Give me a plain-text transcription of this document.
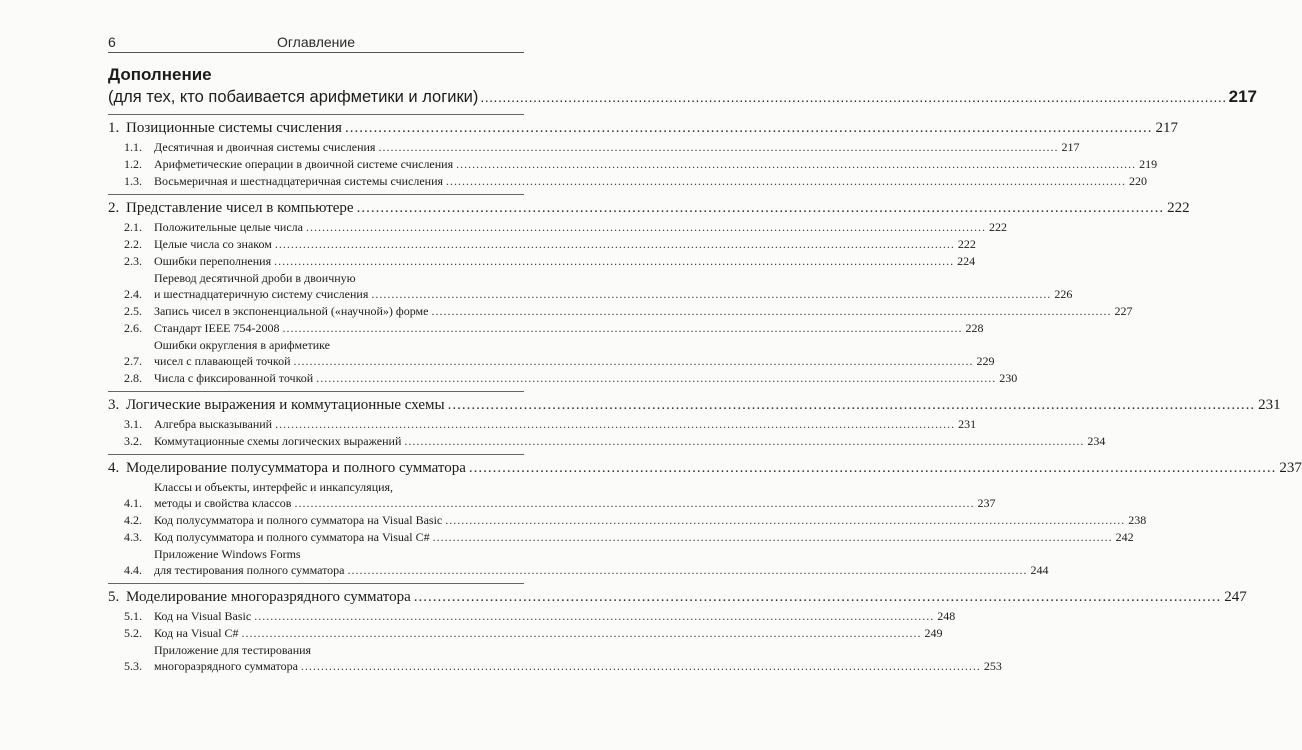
6	Оглавление
Дополнение
(для тех, кто побаивается арифметики и логики) .......................................................................................................................................................................... 217
1. Позиционные системы счисления .......................................................................................................................................................................... 217
1.1.	Десятичная и двоичная системы счисления .......................................................................................................................................................................... 217
1.2.	Арифметические операции в двоичной системе счисления .......................................................................................................................................................................... 219
1.3.	Восьмеричная и шестнадцатеричная системы счисления .......................................................................................................................................................................... 220
2. Представление чисел в компьютере .......................................................................................................................................................................... 222
2.1.	Положительные целые числа .......................................................................................................................................................................... 222
2.2.	Целые числа со знаком .......................................................................................................................................................................... 222
2.3.	Ошибки переполнения .......................................................................................................................................................................... 224
2.4.
Перевод десятичной дроби в двоичную
и шестнадцатеричную систему счисления .......................................................................................................................................................................... 226
2.5.	Запись чисел в экспоненциальной («научной») форме .......................................................................................................................................................................... 227
2.6.	Стандарт IEEE 754-2008 .......................................................................................................................................................................... 228
2.7.
Ошибки округления в арифметике
чисел с плавающей точкой .......................................................................................................................................................................... 229
2.8.	Числа с фиксированной точкой .......................................................................................................................................................................... 230
3. Логические выражения и коммутационные схемы .......................................................................................................................................................................... 231
3.1.	Алгебра высказываний .......................................................................................................................................................................... 231
3.2.	Коммутационные схемы логических выражений .......................................................................................................................................................................... 234
4. Моделирование полусумматора и полного сумматора .......................................................................................................................................................................... 237
4.1.
Классы и объекты, интерфейс и инкапсуляция,
методы и свойства классов .......................................................................................................................................................................... 237
4.2.	Код полусумматора и полного сумматора на Visual Basic .......................................................................................................................................................................... 238
4.3.	Код полусумматора и полного сумматора на Visual C# .......................................................................................................................................................................... 242
4.4.
Приложение Windows Forms
для тестирования полного сумматора .......................................................................................................................................................................... 244
5. Моделирование многоразрядного сумматора .......................................................................................................................................................................... 247
5.1.	Код на Visual Basic .......................................................................................................................................................................... 248
5.2.	Код на Visual C# .......................................................................................................................................................................... 249
5.3.
Приложение для тестирования
многоразрядного сумматора .......................................................................................................................................................................... 253
